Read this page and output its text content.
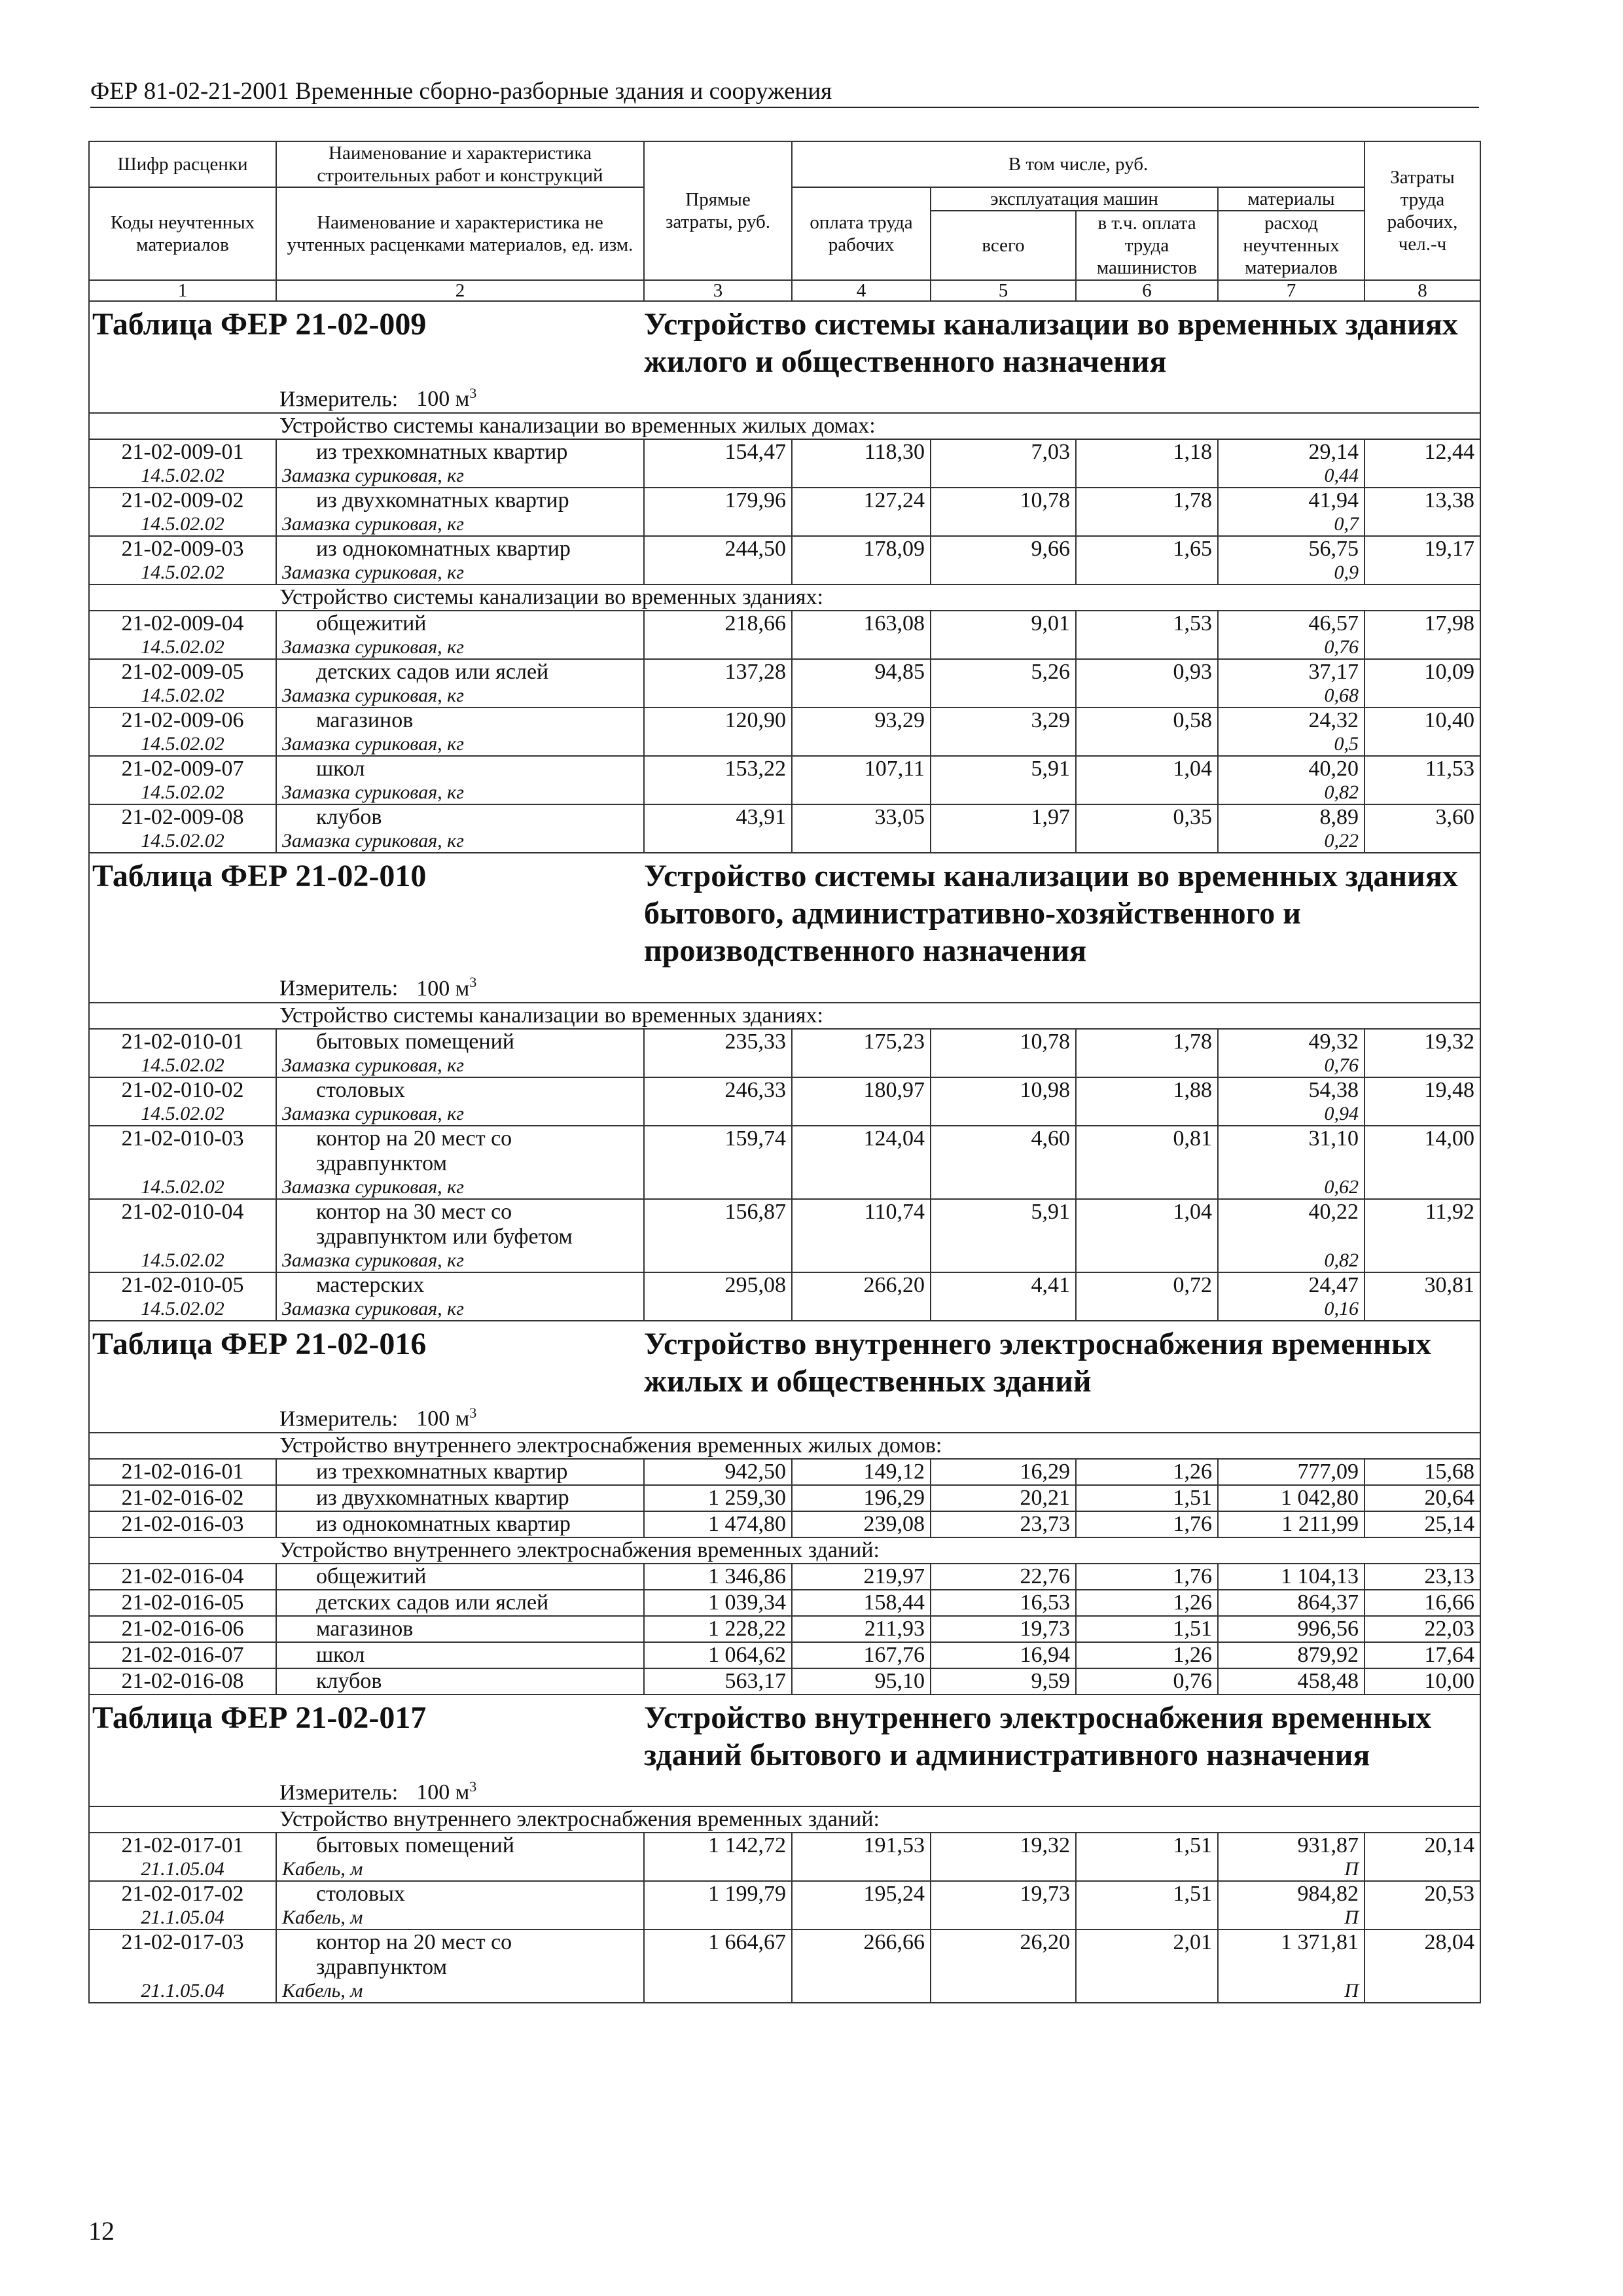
ФЕР 81-02-21-2001 Временные сборно-разборные здания и сооружения
Шифр расценки	Наименование и характеристика строительных работ и конструкций	Прямые затраты, руб.	В том числе, руб.				Затраты труда рабочих, чел.-ч
Коды неучтенных материалов	Наименование и характеристика не учтенных расценками материалов, ед. изм.		оплата труда рабочих	эксплуатация машин		материалы	
				всего	в т.ч. оплата труда машинистов	расход неучтенных материалов	
1	2	3	4	5	6	7	8
Таблица ФЕР 21-02-009		Устройство системы канализации во временных зданиях жилого и общественного назначения					
Измеритель: 100 $м^3$
Устройство системы канализации во временных жилых домах:							
21-02-009-01	из трехкомнатных квартир	154,47	118,30	7,03	1,18	29,14	12,44
14.5.02.02	Замазка суриковая, кг					0,44	
21-02-009-02	из двухкомнатных квартир	179,96	127,24	10,78	1,78	41,94	13,38
14.5.02.02	Замазка суриковая, кг					0,7	
21-02-009-03	из однокомнатных квартир	244,50	178,09	9,66	1,65	56,75	19,17
14.5.02.02	Замазка суриковая, кг					0,9	
Устройство системы канализации во временных зданиях:							
21-02-009-04	общежитий	218,66	163,08	9,01	1,53	46,57	17,98
14.5.02.02	Замазка суриковая, кг					0,76	
21-02-009-05	детских садов или яслей	137,28	94,85	5,26	0,93	37,17	10,09
14.5.02.02	Замазка суриковая, кг					0,68	
21-02-009-06	магазинов	120,90	93,29	3,29	0,58	24,32	10,40
14.5.02.02	Замазка суриковая, кг					0,5	
21-02-009-07	школ	153,22	107,11	5,91	1,04	40,20	11,53
14.5.02.02	Замазка суриковая, кг					0,82	
21-02-009-08	клубов	43,91	33,05	1,97	0,35	8,89	3,60
14.5.02.02	Замазка суриковая, кг					0,22	
Таблица ФЕР 21-02-010		Устройство системы канализации во временных зданиях бытового, административно-хозяйственного и производственного назначения					
Измеритель: 100 $м^3$
Устройство системы канализации во временных зданиях:							
21-02-010-01	бытовых помещений	235,33	175,23	10,78	1,78	49,32	19,32
14.5.02.02	Замазка суриковая, кг					0,76	
21-02-010-02	столовых	246,33	180,97	10,98	1,88	54,38	19,48
14.5.02.02	Замазка суриковая, кг					0,94	
21-02-010-03	контор на 20 мест со здравпунктом	159,74	124,04	4,60	0,81	31,10	14,00
14.5.02.02	Замазка суриковая, кг					0,62	
21-02-010-04	контор на 30 мест со здравпунктом или буфетом	156,87	110,74	5,91	1,04	40,22	11,92
14.5.02.02	Замазка суриковая, кг					0,82	
21-02-010-05	мастерских	295,08	266,20	4,41	0,72	24,47	30,81
14.5.02.02	Замазка суриковая, кг					0,16	
Таблица ФЕР 21-02-016		Устройство внутреннего электроснабжения временных жилых и общественных зданий					
Измеритель: 100 $м^3$
Устройство внутреннего электроснабжения временных жилых домов:							
21-02-016-01	из трехкомнатных квартир	942,50	149,12	16,29	1,26	777,09	15,68
21-02-016-02	из двухкомнатных квартир	1 259,30	196,29	20,21	1,51	1 042,80	20,64
21-02-016-03	из однокомнатных квартир	1 474,80	239,08	23,73	1,76	1 211,99	25,14
Устройство внутреннего электроснабжения временных зданий:							
21-02-016-04	общежитий	1 346,86	219,97	22,76	1,76	1 104,13	23,13
21-02-016-05	детских садов или яслей	1 039,34	158,44	16,53	1,26	864,37	16,66
21-02-016-06	магазинов	1 228,22	211,93	19,73	1,51	996,56	22,03
21-02-016-07	школ	1 064,62	167,76	16,94	1,26	879,92	17,64
21-02-016-08	клубов	563,17	95,10	9,59	0,76	458,48	10,00
Таблица ФЕР 21-02-017		Устройство внутреннего электроснабжения временных зданий бытового и административного назначения					
Измеритель: 100 $м^3$
Устройство внутреннего электроснабжения временных зданий:							
21-02-017-01	бытовых помещений	1 142,72	191,53	19,32	1,51	931,87	20,14
21.1.05.04	Кабель, м					П	
21-02-017-02	столовых	1 199,79	195,24	19,73	1,51	984,82	20,53
21.1.05.04	Кабель, м					П	
21-02-017-03	контор на 20 мест со здравпунктом	1 664,67	266,66	26,20	2,01	1 371,81	28,04
21.1.05.04	Кабель, м					П	
12
